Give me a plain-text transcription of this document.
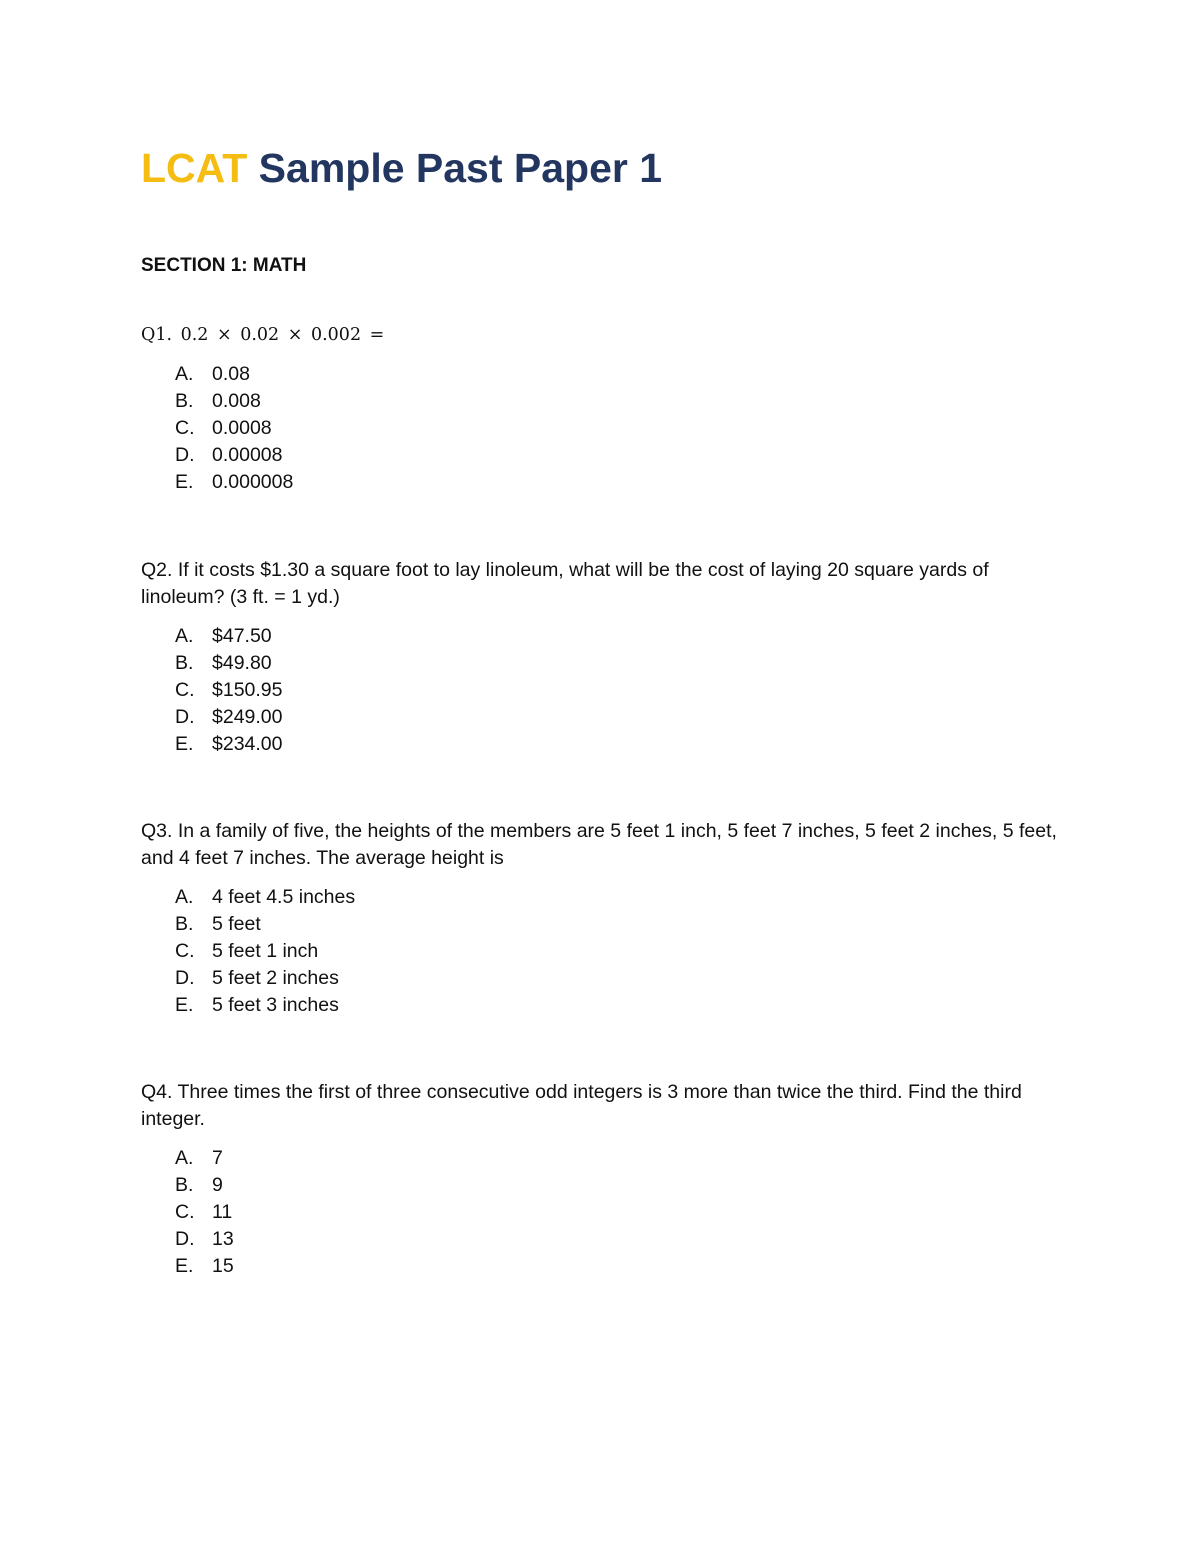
LCAT Sample Past Paper 1
SECTION 1: MATH

Q1. 0.2 × 0.02 × 0.002 =

A. 0.08
B. 0.008
C. 0.0008
D. 0.00008
E. 0.000008

Q2. If it costs $1.30 a square foot to lay linoleum, what will be the cost of laying 20 square yards of linoleum? (3 ft. = 1 yd.)

A. $47.50
B. $49.80
C. $150.95
D. $249.00
E. $234.00

Q3. In a family of five, the heights of the members are 5 feet 1 inch, 5 feet 7 inches, 5 feet 2 inches, 5 feet, and 4 feet 7 inches. The average height is

A. 4 feet 4.5 inches
B. 5 feet
C. 5 feet 1 inch
D. 5 feet 2 inches
E. 5 feet 3 inches

Q4. Three times the first of three consecutive odd integers is 3 more than twice the third. Find the third integer.

A. 7
B. 9
C. 11
D. 13
E. 15
